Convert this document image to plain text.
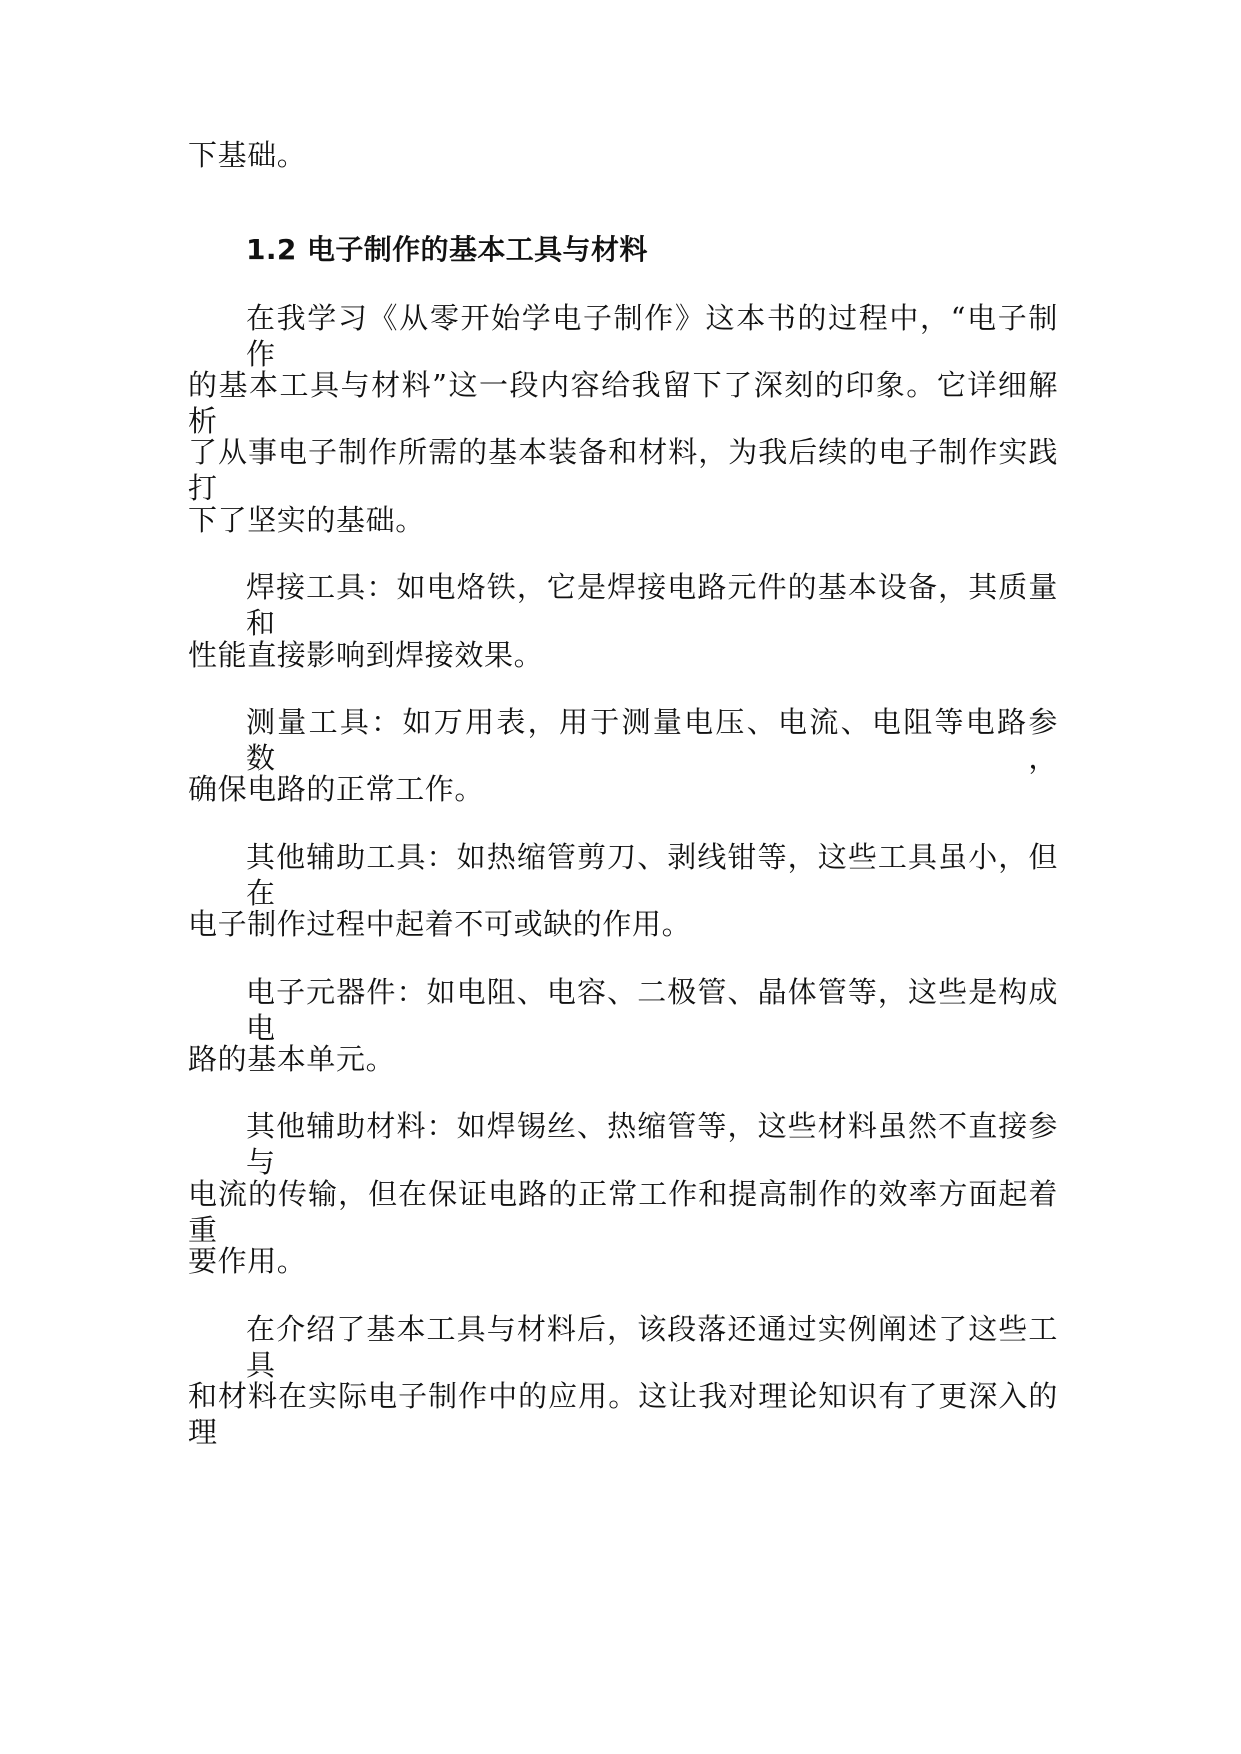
下基础。
1.2 电子制作的基本工具与材料
在我学习《从零开始学电子制作》这本书的过程中，“电子制作
的基本工具与材料”这一段内容给我留下了深刻的印象。它详细解析
了从事电子制作所需的基本装备和材料，为我后续的电子制作实践打
下了坚实的基础。
焊接工具：如电烙铁，它是焊接电路元件的基本设备，其质量和
性能直接影响到焊接效果。
测量工具：如万用表，用于测量电压、电流、电阻等电路参数，
确保电路的正常工作。
其他辅助工具：如热缩管剪刀、剥线钳等，这些工具虽小，但在
电子制作过程中起着不可或缺的作用。
电子元器件：如电阻、电容、二极管、晶体管等，这些是构成电
路的基本单元。
其他辅助材料：如焊锡丝、热缩管等，这些材料虽然不直接参与
电流的传输，但在保证电路的正常工作和提高制作的效率方面起着重
要作用。
在介绍了基本工具与材料后，该段落还通过实例阐述了这些工具
和材料在实际电子制作中的应用。这让我对理论知识有了更深入的理
